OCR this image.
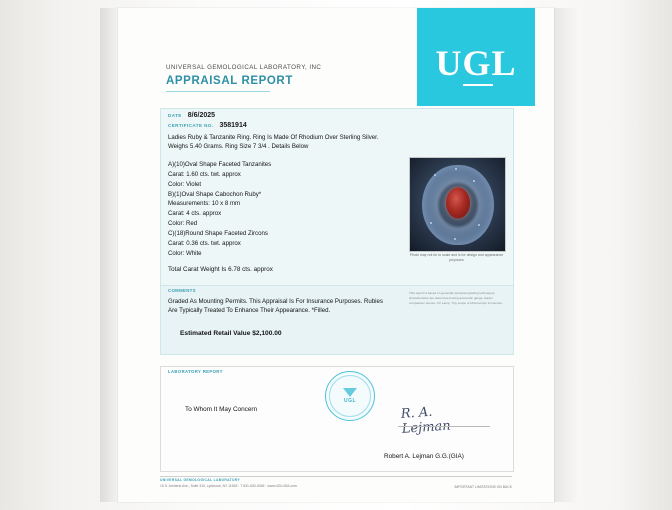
UGL
UNIVERSAL GEMOLOGICAL LABORATORY, INC
APPRAISAL REPORT
DATE 8/6/2025
CERTIFICATE NO. 3581914
Ladies Ruby & Tanzanite Ring. Ring Is Made Of Rhodium Over Sterling Silver. Weighs 5.40 Grams. Ring Size 7 3/4 . Details Below
A)(10)Oval Shape Faceted Tanzanites
Carat: 1.60 cts. twt. approx
Color: Violet
B)(1)Oval Shape Cabochon Ruby*
Measurements: 10 x 8 mm
Carat: 4 cts. approx
Color: Red
C)(18)Round Shape Faceted Zircons
Carat: 0.36 cts. twt. approx
Color: White
Total Carat Weight Is 6.78 cts. approx
Photo may not be to scale and is for design and appearance purposes
This report is based on generally accepted grading techniques; characteristics are determined using automatic gauge, leader comparison stones, UV Lamp, Tiny scope or Microscopic immersion.
COMMENTS
Graded As Mounting Permits. This Appraisal Is For Insurance Purposes. Rubies Are Typically Treated To Enhance Their Appearance. *Filled.
Estimated Retail Value $2,100.00
LABORATORY REPORT
UGL
To Whom It May Concern	R. A. Lejman
Robert A. Lejman G.G.(GIA)
UNIVERSAL GEMOLOGICAL LABORATORY
15 S. Amherst Ave., Suite 310, Lynbrook, NY 11563 · T 631-630-0046 · www.UGLUSA.com	IMPORTANT LIMITATIONS ON BACK
